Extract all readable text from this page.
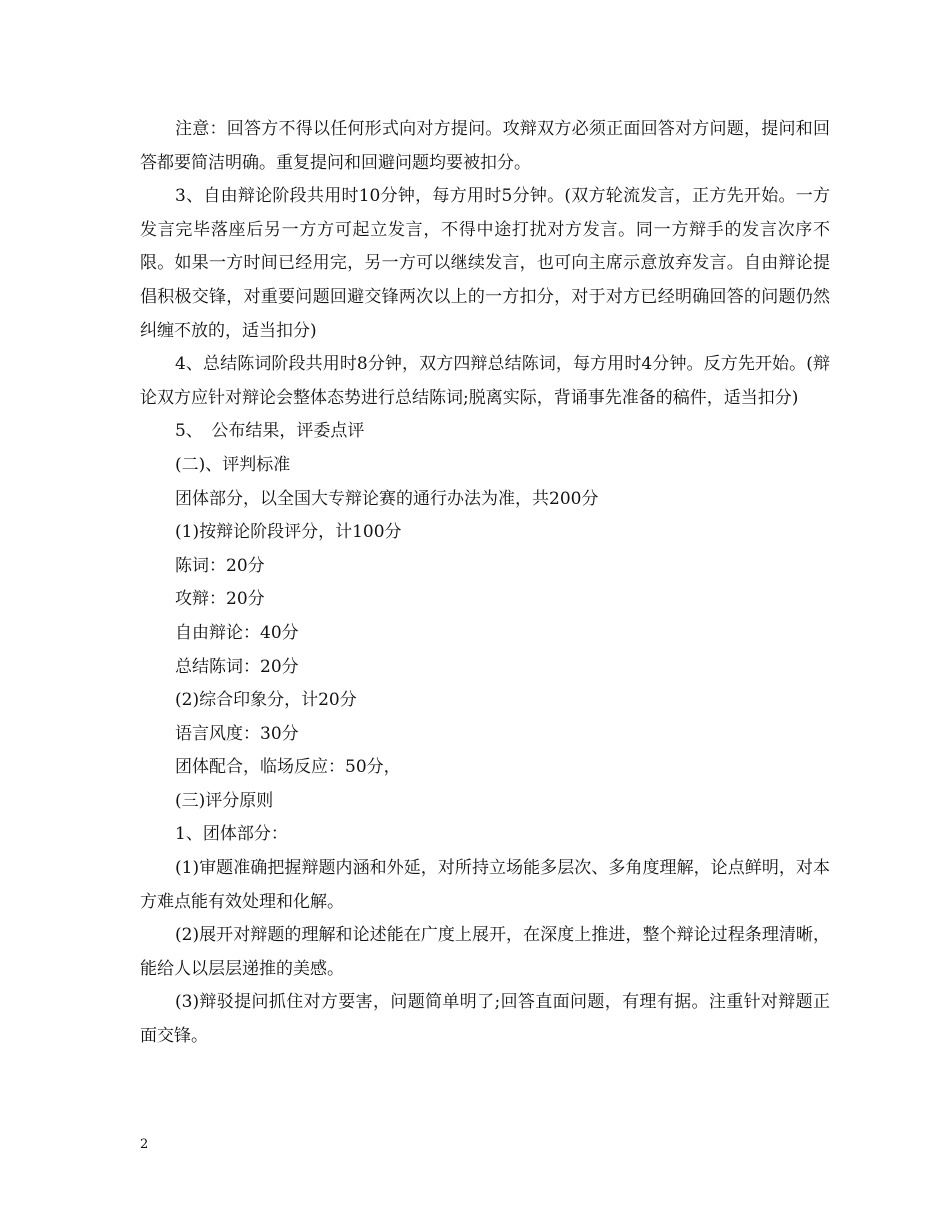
注意：回答方不得以任何形式向对方提问。攻辩双方必须正面回答对方问题，提问和回答都要简洁明确。重复提问和回避问题均要被扣分。

3、自由辩论阶段共用时10分钟，每方用时5分钟。(双方轮流发言，正方先开始。一方发言完毕落座后另一方方可起立发言，不得中途打扰对方发言。同一方辩手的发言次序不限。如果一方时间已经用完，另一方可以继续发言，也可向主席示意放弃发言。自由辩论提倡积极交锋，对重要问题回避交锋两次以上的一方扣分，对于对方已经明确回答的问题仍然纠缠不放的，适当扣分)

4、总结陈词阶段共用时8分钟，双方四辩总结陈词，每方用时4分钟。反方先开始。(辩论双方应针对辩论会整体态势进行总结陈词;脱离实际，背诵事先准备的稿件，适当扣分)

5、　公布结果，评委点评

(二)、评判标准

团体部分，以全国大专辩论赛的通行办法为准，共200分

(1)按辩论阶段评分，计100分

陈词：20分

攻辩：20分

自由辩论：40分

总结陈词：20分

(2)综合印象分，计20分

语言风度：30分

团体配合，临场反应：50分，

(三)评分原则

1、团体部分：

(1)审题准确把握辩题内涵和外延，对所持立场能多层次、多角度理解，论点鲜明，对本方难点能有效处理和化解。

(2)展开对辩题的理解和论述能在广度上展开，在深度上推进，整个辩论过程条理清晰，能给人以层层递推的美感。

(3)辩驳提问抓住对方要害，问题简单明了;回答直面问题，有理有据。注重针对辩题正面交锋。

2
